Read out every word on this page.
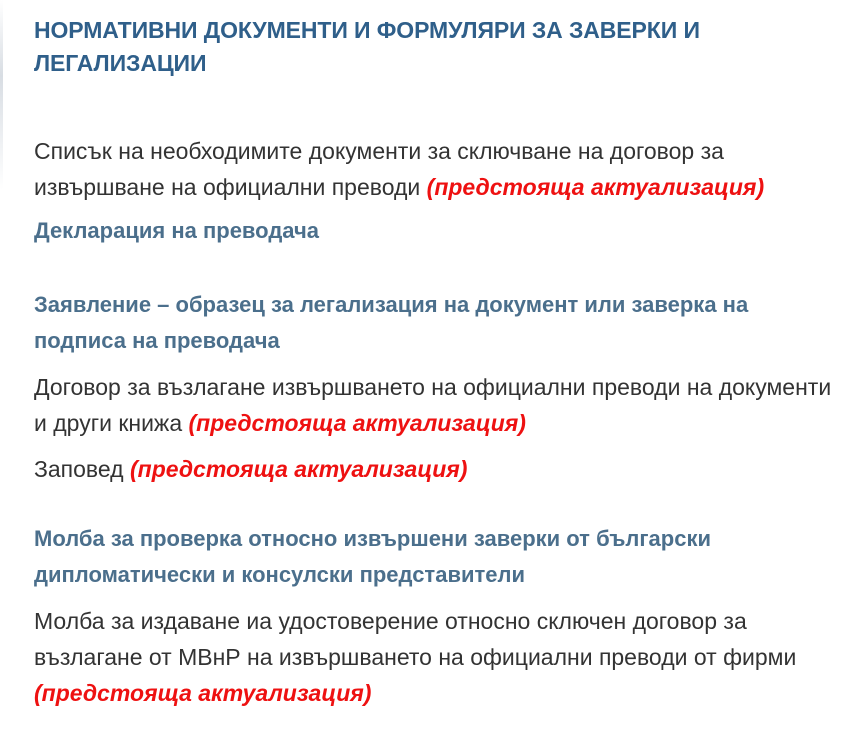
НОРМАТИВНИ ДОКУМЕНТИ И ФОРМУЛЯРИ ЗА ЗАВЕРКИ И ЛЕГАЛИЗАЦИИ

Списък на необходимите документи за сключване на договор за извършване на официални преводи (предстояща актуализация)

Декларация на преводача
Заявление – образец за легализация на документ или заверка на подписа на преводача

Договор за възлагане извършването на официални преводи на документи и други книжа (предстояща актуализация)

Заповед (предстояща актуализация)

Молба за проверка относно извършени заверки от български дипломатически и консулски представители

Молба за издаване иа удостоверение относно сключен договор за възлагане от МВнР на извършването на официални преводи от фирми (предстояща актуализация)
